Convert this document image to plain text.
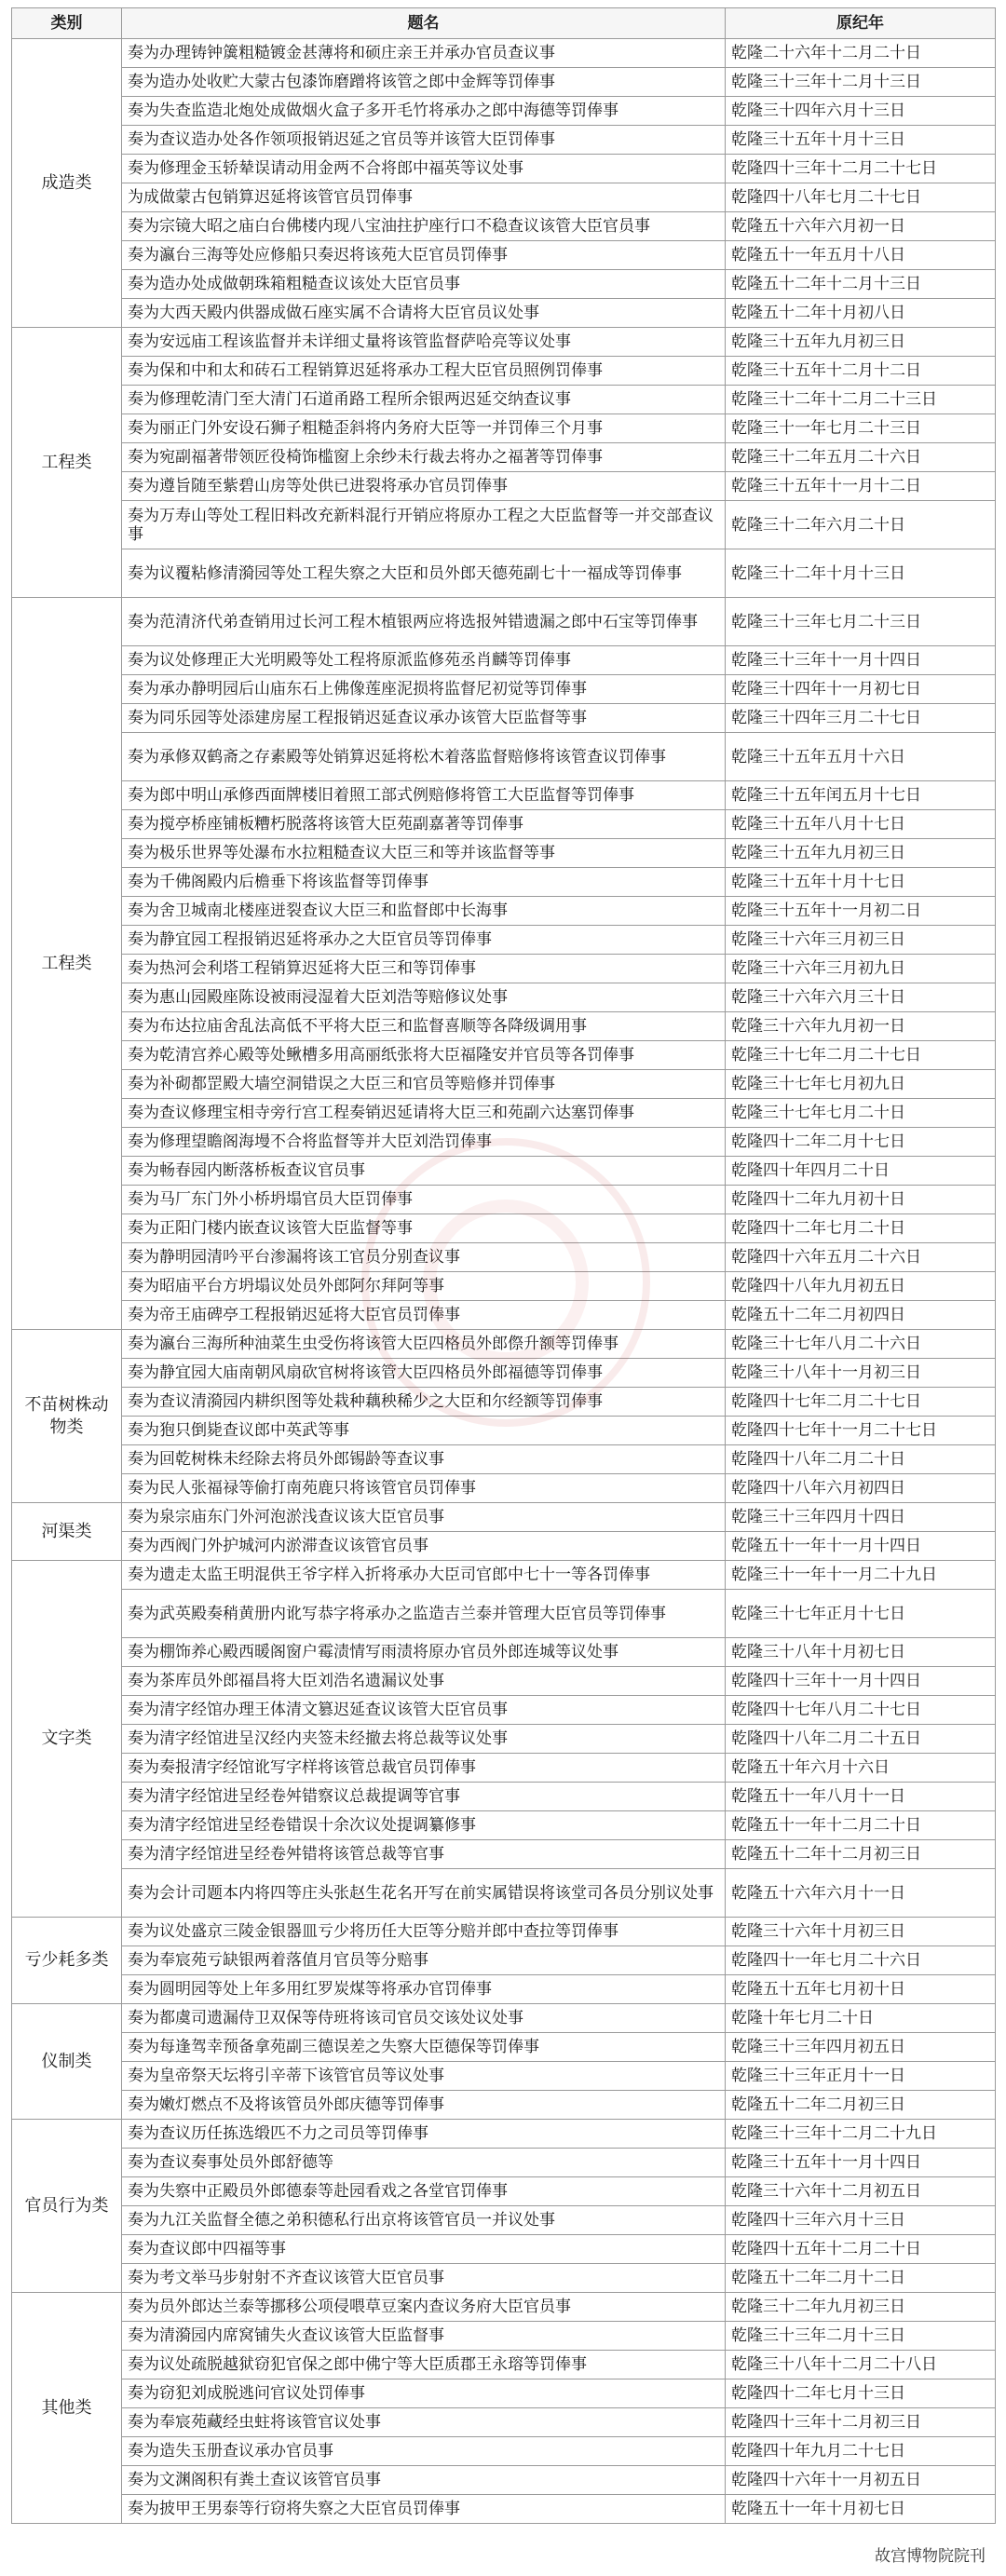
类别	题名	原纪年
成造类	奏为办理铸钟簴粗糙镀金甚薄将和硕庄亲王并承办官员查议事	乾隆二十六年十二月二十日
	奏为造办处收贮大蒙古包漆饰磨蹭将该管之郎中金辉等罚俸事	乾隆三十三年十二月十三日
	奏为失查监造北炮处成做烟火盒子多开毛竹将承办之郎中海德等罚俸事	乾隆三十四年六月十三日
	奏为查议造办处各作领项报销迟延之官员等并该管大臣罚俸事	乾隆三十五年十月十三日
	奏为修理金玉轿辇误请动用金两不合将郎中福英等议处事	乾隆四十三年十二月二十七日
	为成做蒙古包销算迟延将该管官员罚俸事	乾隆四十八年七月二十七日
	奏为宗镜大昭之庙白台佛楼内现八宝油拄护座行口不稳查议该管大臣官员事	乾隆五十六年六月初一日
	奏为瀛台三海等处应修船只奏迟将该苑大臣官员罚俸事	乾隆五十一年五月十八日
	奏为造办处成做朝珠箱粗糙查议该处大臣官员事	乾隆五十二年十二月十三日
	奏为大西天殿内供器成做石座实属不合请将大臣官员议处事	乾隆五十二年十月初八日
工程类	奏为安远庙工程该监督并未详细丈量将该管监督萨哈亮等议处事	乾隆三十五年九月初三日
	奏为保和中和太和砖石工程销算迟延将承办工程大臣官员照例罚俸事	乾隆三十五年十二月十二日
	奏为修理乾清门至大清门石道甬路工程所余银两迟延交纳查议事	乾隆三十二年十二月二十三日
	奏为丽正门外安设石狮子粗糙歪斜将内务府大臣等一并罚俸三个月事	乾隆三十一年七月二十三日
	奏为宛副福著带领匠役椅饰槛窗上余纱未行裁去将办之福著等罚俸事	乾隆三十二年五月二十六日
	奏为遵旨随至紫碧山房等处供已进裂将承办官员罚俸事	乾隆三十五年十一月十二日
	奏为万寿山等处工程旧料改充新料混行开销应将原办工程之大臣监督等一并交部查议事	乾隆三十二年六月二十日
	奏为议覆粘修清漪园等处工程失察之大臣和员外郎天德苑副七十一福成等罚俸事	乾隆三十二年十月十三日
工程类	奏为范清济代弟查销用过长河工程木植银两应将选报舛错遗漏之郎中石宝等罚俸事	乾隆三十三年七月二十三日
	奏为议处修理正大光明殿等处工程将原派监修苑丞肖麟等罚俸事	乾隆三十三年十一月十四日
	奏为承办静明园后山庙东石上佛像莲座泥损将监督尼初觉等罚俸事	乾隆三十四年十一月初七日
	奏为同乐园等处添建房屋工程报销迟延查议承办该管大臣监督等事	乾隆三十四年三月二十七日
	奏为承修双鹤斋之存素殿等处销算迟延将松木着落监督赔修将该管查议罚俸事	乾隆三十五年五月十六日
	奏为郎中明山承修西面牌楼旧着照工部式例赔修将管工大臣监督等罚俸事	乾隆三十五年闰五月十七日
	奏为搅亭桥座铺板糟朽脱落将该管大臣苑副嘉著等罚俸事	乾隆三十五年八月十七日
	奏为极乐世界等处瀑布水拉粗糙查议大臣三和等并该监督等事	乾隆三十五年九月初三日
	奏为千佛阁殿内后檐垂下将该监督等罚俸事	乾隆三十五年十月十七日
	奏为舍卫城南北楼座迸裂查议大臣三和监督郎中长海事	乾隆三十五年十一月初二日
	奏为静宜园工程报销迟延将承办之大臣官员等罚俸事	乾隆三十六年三月初三日
	奏为热河会利塔工程销算迟延将大臣三和等罚俸事	乾隆三十六年三月初九日
	奏为惠山园殿座陈设被雨浸湿着大臣刘浩等赔修议处事	乾隆三十六年六月三十日
	奏为布达拉庙舍乱法高低不平将大臣三和监督喜顺等各降级调用事	乾隆三十六年九月初一日
	奏为乾清宫养心殿等处鳅槽多用高丽纸张将大臣福隆安并官员等各罚俸事	乾隆三十七年二月二十七日
	奏为补砌都罡殿大墙空洞错误之大臣三和官员等赔修并罚俸事	乾隆三十七年七月初九日
	奏为查议修理宝相寺旁行宫工程奏销迟延请将大臣三和苑副六达塞罚俸事	乾隆三十七年七月二十日
	奏为修理望瞻阁海墁不合将监督等并大臣刘浩罚俸事	乾隆四十二年二月十七日
	奏为畅春园内断落桥板查议官员事	乾隆四十年四月二十日
	奏为马厂东门外小桥坍塌官员大臣罚俸事	乾隆四十二年九月初十日
	奏为正阳门楼内嵌查议该管大臣监督等事	乾隆四十二年七月二十日
	奏为静明园清吟平台渗漏将该工官员分别查议事	乾隆四十六年五月二十六日
	奏为昭庙平台方坍塌议处员外郎阿尔拜阿等事	乾隆四十八年九月初五日
	奏为帝王庙碑亭工程报销迟延将大臣官员罚俸事	乾隆五十二年二月初四日
不苗树株动物类	奏为瀛台三海所种油菜生虫受伤将该管大臣四格员外郎傺升额等罚俸事	乾隆三十七年八月二十六日
	奏为静宜园大庙南朝风扇砍官树将该管大臣四格员外郎福德等罚俸事	乾隆三十八年十一月初三日
	奏为查议清漪园内耕织图等处栽种藕秧稀少之大臣和尔经额等罚俸事	乾隆四十七年二月二十七日
	奏为狍只倒毙查议郎中英武等事	乾隆四十七年十一月二十七日
	奏为回乾树株未经除去将员外郎锡龄等查议事	乾隆四十八年二月二十日
	奏为民人张福禄等偷打南苑鹿只将该管官员罚俸事	乾隆四十八年六月初四日
河渠类	奏为泉宗庙东门外河泡淤浅查议该大臣官员事	乾隆三十三年四月十四日
	奏为西阀门外护城河内淤滞查议该管官员事	乾隆五十一年十一月十四日
文字类	奏为遗走太监王明混供王爷字样入折将承办大臣司官郎中七十一等各罚俸事	乾隆三十一年十一月二十九日
	奏为武英殿奏稍黄册内讹写恭字将承办之监造吉兰泰并管理大臣官员等罚俸事	乾隆三十七年正月十七日
	奏为棚饰养心殿西暖阁窗户霉渍情写雨渍将原办官员外郎连城等议处事	乾隆三十八年十月初七日
	奏为茶库员外郎福昌将大臣刘浩名遗漏议处事	乾隆四十三年十一月十四日
	奏为清字经馆办理王体清文篡迟延查议该管大臣官员事	乾隆四十七年八月二十七日
	奏为清字经馆进呈汉经内夹签未经撤去将总裁等议处事	乾隆四十八年二月二十五日
	奏为奏报清字经馆讹写字样将该管总裁官员罚俸事	乾隆五十年六月十六日
	奏为清字经馆进呈经卷舛错察议总裁提调等官事	乾隆五十一年八月十一日
	奏为清字经馆进呈经卷错误十余次议处提调纂修事	乾隆五十一年十二月二十日
	奏为清字经馆进呈经卷舛错将该管总裁等官事	乾隆五十二年十二月初三日
	奏为会计司题本内将四等庄头张赵生花名开写在前实属错误将该堂司各员分别议处事	乾隆五十六年六月十一日
亏少耗多类	奏为议处盛京三陵金银器皿亏少将历任大臣等分赔并郎中查拉等罚俸事	乾隆三十六年十月初三日
	奏为奉宸苑亏缺银两着落值月官员等分赔事	乾隆四十一年七月二十六日
	奏为圆明园等处上年多用红罗炭煤等将承办官罚俸事	乾隆五十五年七月初十日
仪制类	奏为都虞司遗漏侍卫双保等侍班将该司官员交该处议处事	乾隆十年七月二十日
	奏为每逢驾幸预备拿苑副三德误差之失察大臣德保等罚俸事	乾隆三十三年四月初五日
	奏为皇帝祭天坛将引辛蒂下该管官员等议处事	乾隆三十三年正月十一日
	奏为嫩灯燃点不及将该管员外郎庆德等罚俸事	乾隆五十二年二月初三日
官员行为类	奏为查议历任拣选缎匹不力之司员等罚俸事	乾隆三十三年十二月二十九日
	奏为查议奏事处员外郎舒德等	乾隆三十五年十一月十四日
	奏为失察中正殿员外郎德泰等赴园看戏之各堂官罚俸事	乾隆三十六年十二月初五日
	奏为九江关监督全德之弟积德私行出京将该管官员一并议处事	乾隆四十三年六月十三日
	奏为查议郎中四福等事	乾隆四十五年十二月二十日
	奏为考文举马步射射不齐查议该管大臣官员事	乾隆五十二年二月十二日
其他类	奏为员外郎达兰泰等挪移公项侵喂草豆案内查议务府大臣官员事	乾隆三十二年九月初三日
	奏为清漪园内席窝铺失火查议该管大臣监督事	乾隆三十三年二月十三日
	奏为议处疏脱越狱窃犯官保之郎中佛宁等大臣质郡王永瑢等罚俸事	乾隆三十八年十二月二十八日
	奏为窃犯刘成脱逃问官议处罚俸事	乾隆四十二年七月十三日
	奏为奉宸苑藏经虫蛀将该管官议处事	乾隆四十三年十二月初三日
	奏为造失玉册查议承办官员事	乾隆四十年九月二十七日
	奏为文渊阁积有粪土查议该管官员事	乾隆四十六年十一月初五日
	奏为披甲王男泰等行窃将失察之大臣官员罚俸事	乾隆五十一年十月初七日
故宫博物院院刊
